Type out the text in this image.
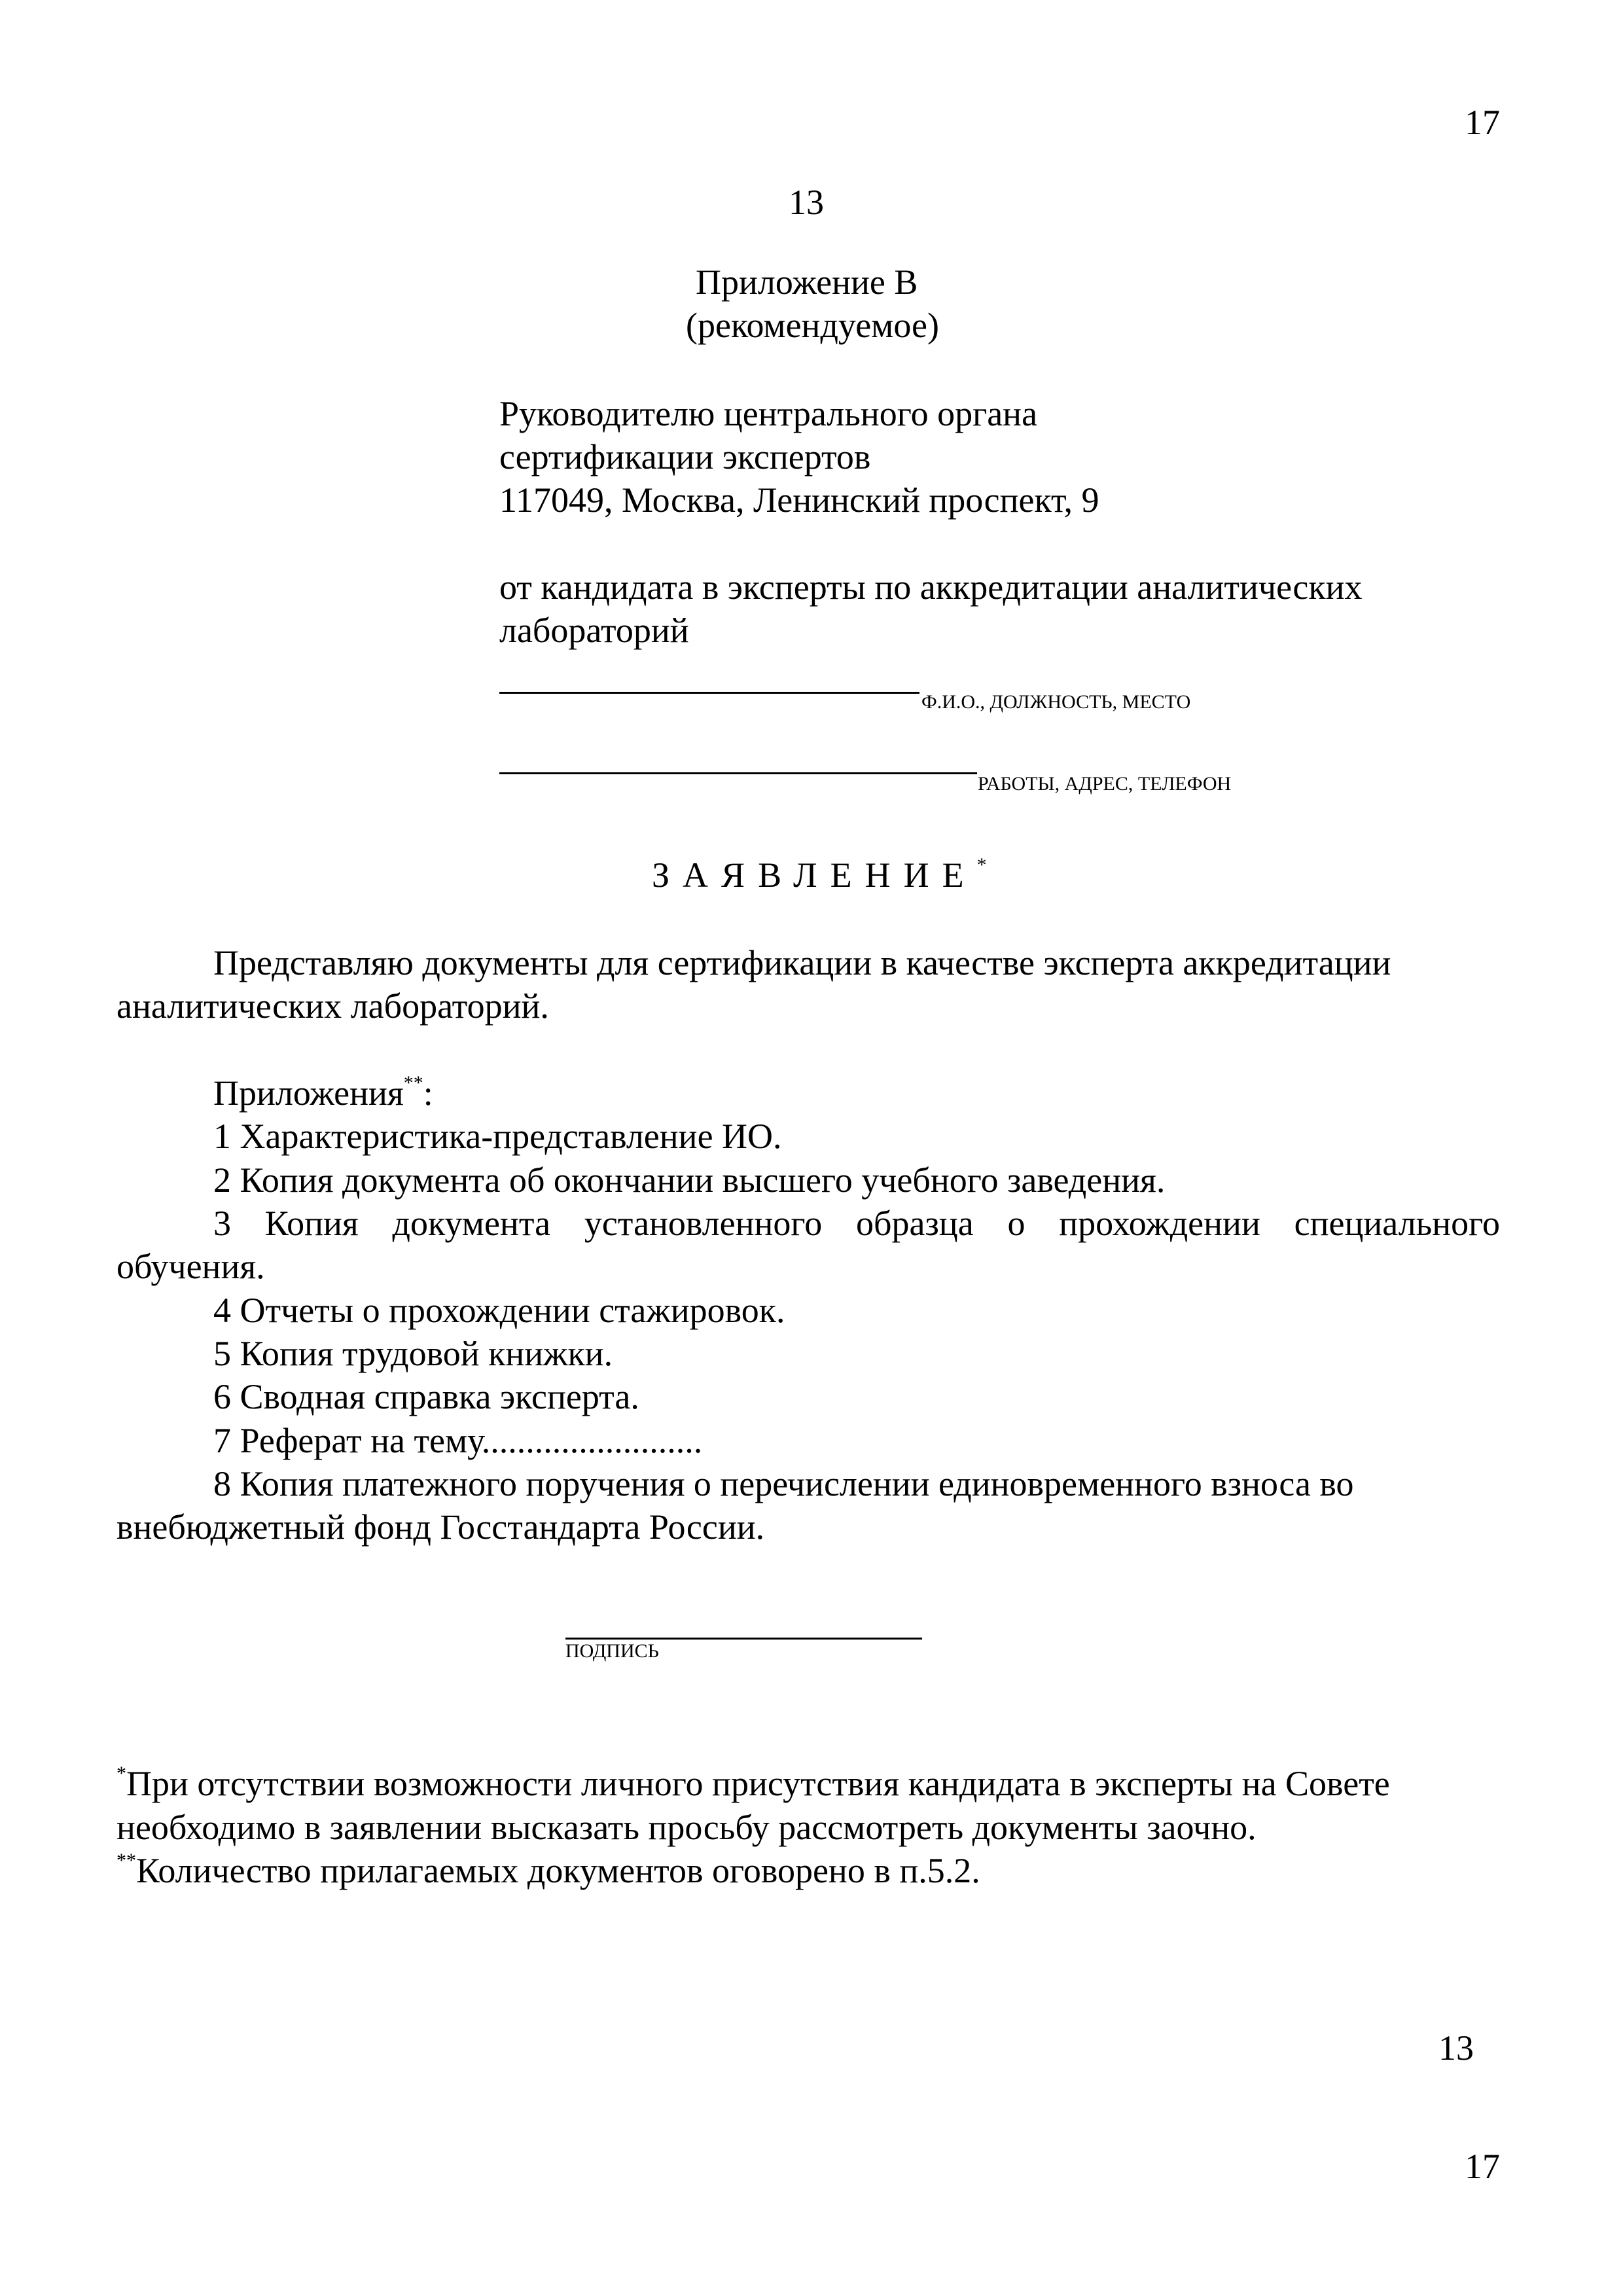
17
13
Приложение В
(рекомендуемое)
Руководителю центрального органа
сертификации экспертов
117049, Москва, Ленинский проспект, 9
от кандидата в эксперты по аккредитации аналитических
лабораторий
Ф.И.О., ДОЛЖНОСТЬ, МЕСТО
РАБОТЫ, АДРЕС, ТЕЛЕФОН
ЗАЯВЛЕНИЕ*
Представляю документы для сертификации в качестве эксперта аккредитации
аналитических лабораторий.
Приложения**:
1 Характеристика-представление ИО.
2 Копия документа об окончании высшего учебного заведения.
3 Копия документа установленного образца о прохождении специального
обучения.
4 Отчеты о прохождении стажировок.
5 Копия трудовой книжки.
6 Сводная справка эксперта.
7 Реферат на тему.........................
8 Копия платежного поручения о перечислении единовременного взноса во
внебюджетный фонд Госстандарта России.
ПОДПИСЬ
*При отсутствии возможности личного присутствия кандидата в эксперты на Совете
необходимо в заявлении высказать просьбу рассмотреть документы заочно.
**Количество прилагаемых документов оговорено в п.5.2.
13
17
